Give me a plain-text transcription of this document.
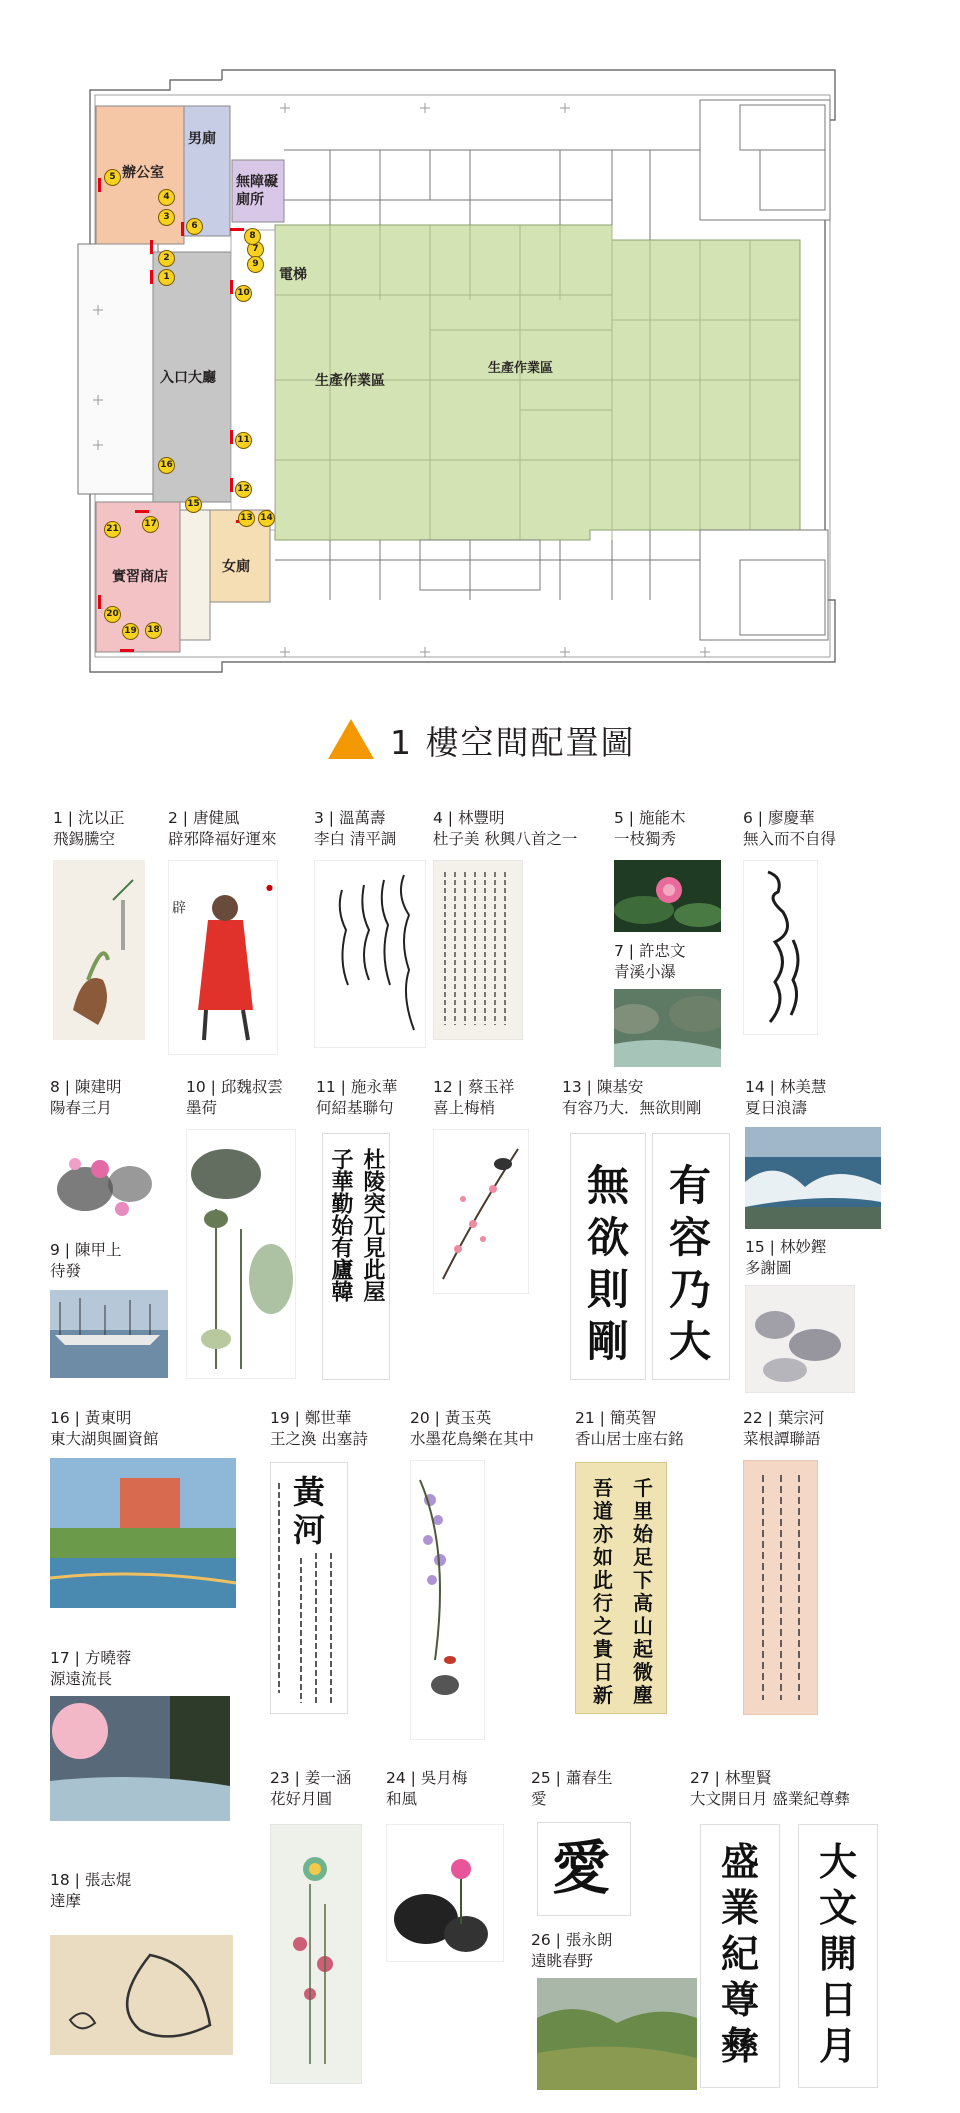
辦公室
男廁
無障礙廁所
電梯
入口大廳	生產作業區
生產作業區
實習商店
女廁
1
2
3
4
5
6
7
8
9
10
11
12
13 14
15
16
17
18
19
20
21
1 樓空間配置圖
1 | 沈以正
飛錫騰空
2 | 唐健風
辟邪降福好運來
辟
●
3 | 溫萬壽
李白 清平調
4 | 林豐明
杜子美 秋興八首之一
5 | 施能木
一枝獨秀
7 | 許忠文
青溪小瀑
6 | 廖慶華
無入而不自得
8 | 陳建明
陽春三月
9 | 陳甲上
待發
10 | 邱魏叔雲
墨荷
11 | 施永華
何紹基聯句
杜陵
突兀
見此
屋
子華
勤始
有廬
韓
12 | 蔡玉祥
喜上梅梢
13 | 陳基安
有容乃大．無欲則剛
無
欲
則
剛
有
容
乃
大
14 | 林美慧
夏日浪濤
15 | 林妙鏗
多謝圖
16 | 黃東明
東大湖與圖資館
17 | 方曉蓉
源遠流長
18 | 張志焜
達摩
19 | 鄭世華
王之渙 出塞詩
黃
河
20 | 黃玉英
水墨花鳥樂在其中
21 | 簡英智
香山居士座右銘
千
里
始
足
下
高
山
起
微
塵
吾
道
亦
如
此
行
之
貴
日
新
22 | 葉宗河
菜根譚聯語
23 | 姜一涵
花好月圓
24 | 吳月梅
和風
25 | 蕭春生
愛
愛
26 | 張永朗
遠眺春野
27 | 林聖賢
大文開日月 盛業紀尊彝
盛
業
紀
尊
彝
大
文
開
日
月
